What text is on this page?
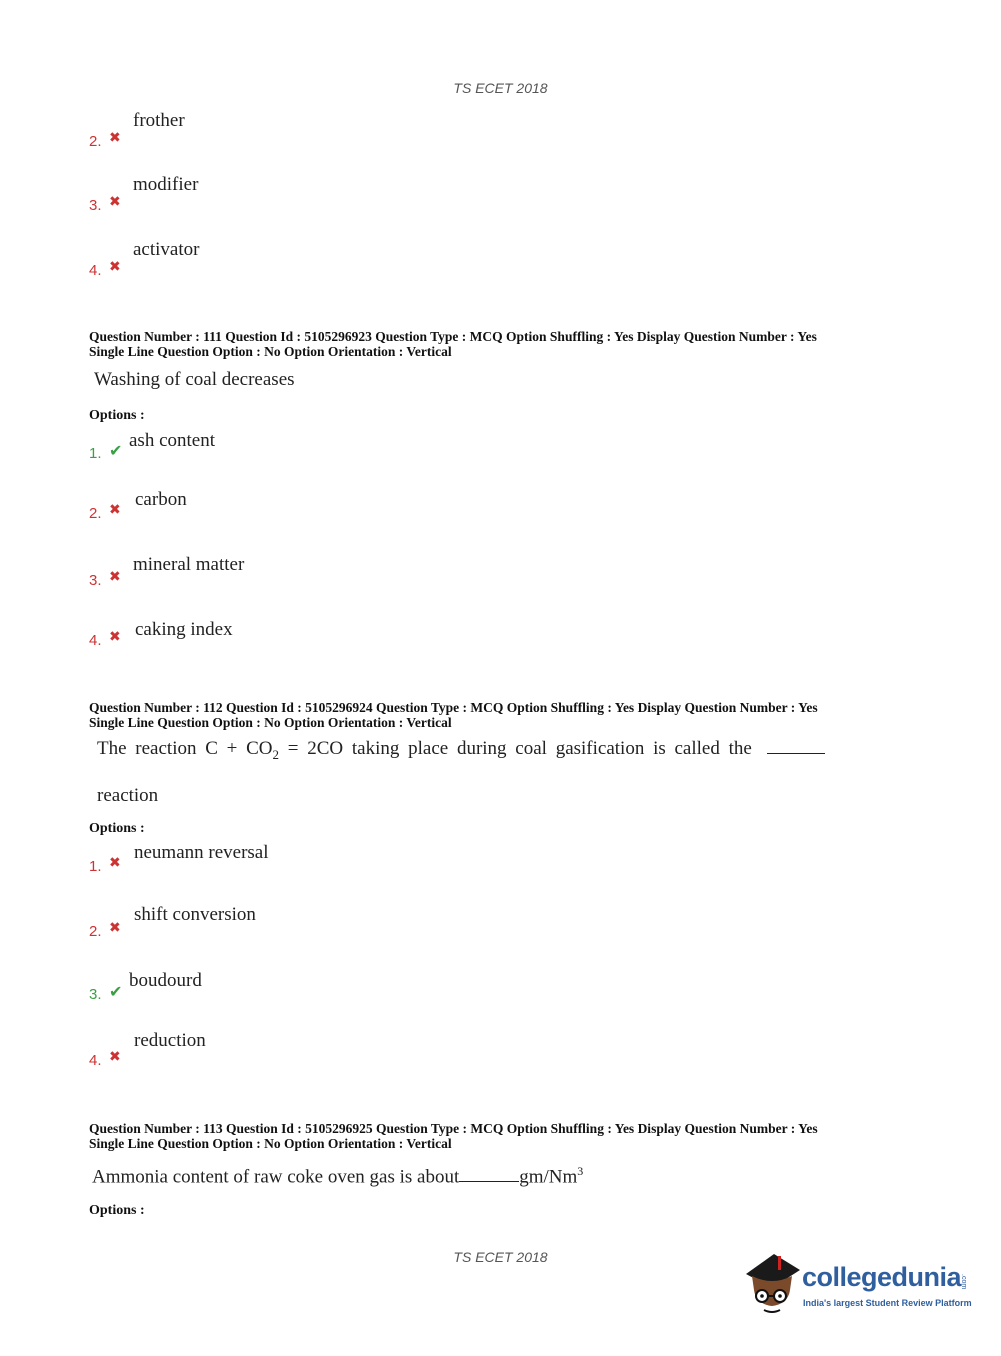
TS ECET 2018
2. ✖
frother
3. ✖
modifier
4. ✖
activator
Question Number : 111 Question Id : 5105296923 Question Type : MCQ Option Shuffling : Yes Display Question Number : Yes
Single Line Question Option : No Option Orientation : Vertical
Washing of coal decreases
Options :
1. ✔ ash content
2. ✖ carbon
3. ✖
mineral matter
4. ✖ caking index
Question Number : 112 Question Id : 5105296924 Question Type : MCQ Option Shuffling : Yes Display Question Number : Yes
Single Line Question Option : No Option Orientation : Vertical
The reaction $C + CO_2 = 2CO$ taking place during coal gasification is called the
reaction
Options :
1. ✖ neumann reversal
2. ✖
shift conversion
3. ✔
boudourd
4. ✖
reduction
Question Number : 113 Question Id : 5105296925 Question Type : MCQ Option Shuffling : Yes Display Question Number : Yes
Single Line Question Option : No Option Orientation : Vertical
Ammonia content of raw coke oven gas is about	gm/Nm$^3$
Options :
TS ECET 2018
collegedunia
.com
India's largest Student Review Platform
